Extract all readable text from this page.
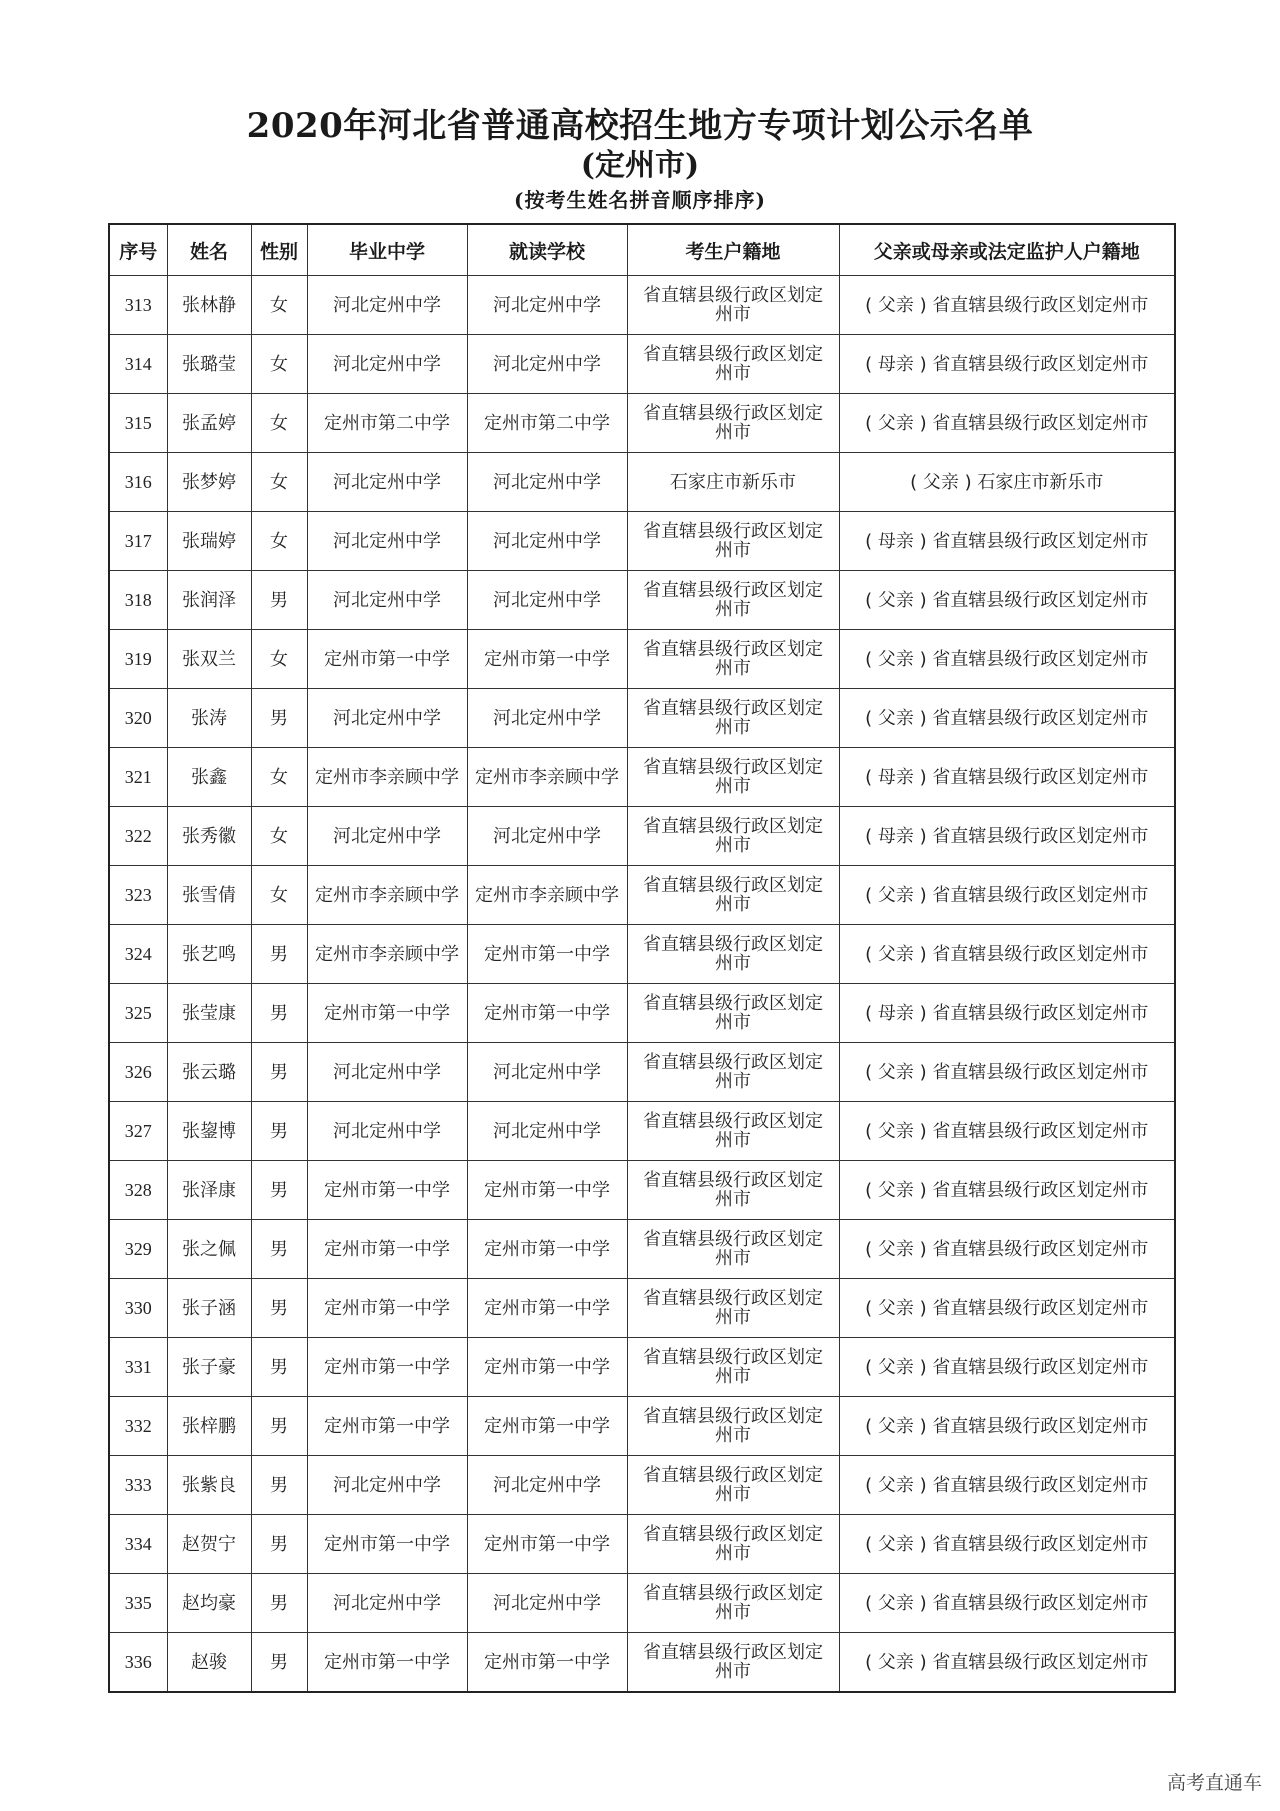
2020年河北省普通高校招生地方专项计划公示名单
(定州市)
(按考生姓名拼音顺序排序)
序号	姓名	性别	毕业中学	就读学校	考生户籍地	父亲或母亲或法定监护人户籍地
313	张林静	女	河北定州中学	河北定州中学	省直辖县级行政区划定州市	( 父亲 ) 省直辖县级行政区划定州市
314	张璐莹	女	河北定州中学	河北定州中学	省直辖县级行政区划定州市	( 母亲 ) 省直辖县级行政区划定州市
315	张孟婷	女	定州市第二中学	定州市第二中学	省直辖县级行政区划定州市	( 父亲 ) 省直辖县级行政区划定州市
316	张梦婷	女	河北定州中学	河北定州中学	石家庄市新乐市	( 父亲 ) 石家庄市新乐市
317	张瑞婷	女	河北定州中学	河北定州中学	省直辖县级行政区划定州市	( 母亲 ) 省直辖县级行政区划定州市
318	张润泽	男	河北定州中学	河北定州中学	省直辖县级行政区划定州市	( 父亲 ) 省直辖县级行政区划定州市
319	张双兰	女	定州市第一中学	定州市第一中学	省直辖县级行政区划定州市	( 父亲 ) 省直辖县级行政区划定州市
320	张涛	男	河北定州中学	河北定州中学	省直辖县级行政区划定州市	( 父亲 ) 省直辖县级行政区划定州市
321	张鑫	女	定州市李亲顾中学	定州市李亲顾中学	省直辖县级行政区划定州市	( 母亲 ) 省直辖县级行政区划定州市
322	张秀徽	女	河北定州中学	河北定州中学	省直辖县级行政区划定州市	( 母亲 ) 省直辖县级行政区划定州市
323	张雪倩	女	定州市李亲顾中学	定州市李亲顾中学	省直辖县级行政区划定州市	( 父亲 ) 省直辖县级行政区划定州市
324	张艺鸣	男	定州市李亲顾中学	定州市第一中学	省直辖县级行政区划定州市	( 父亲 ) 省直辖县级行政区划定州市
325	张莹康	男	定州市第一中学	定州市第一中学	省直辖县级行政区划定州市	( 母亲 ) 省直辖县级行政区划定州市
326	张云璐	男	河北定州中学	河北定州中学	省直辖县级行政区划定州市	( 父亲 ) 省直辖县级行政区划定州市
327	张鋆博	男	河北定州中学	河北定州中学	省直辖县级行政区划定州市	( 父亲 ) 省直辖县级行政区划定州市
328	张泽康	男	定州市第一中学	定州市第一中学	省直辖县级行政区划定州市	( 父亲 ) 省直辖县级行政区划定州市
329	张之佩	男	定州市第一中学	定州市第一中学	省直辖县级行政区划定州市	( 父亲 ) 省直辖县级行政区划定州市
330	张子涵	男	定州市第一中学	定州市第一中学	省直辖县级行政区划定州市	( 父亲 ) 省直辖县级行政区划定州市
331	张子豪	男	定州市第一中学	定州市第一中学	省直辖县级行政区划定州市	( 父亲 ) 省直辖县级行政区划定州市
332	张梓鹏	男	定州市第一中学	定州市第一中学	省直辖县级行政区划定州市	( 父亲 ) 省直辖县级行政区划定州市
333	张紫良	男	河北定州中学	河北定州中学	省直辖县级行政区划定州市	( 父亲 ) 省直辖县级行政区划定州市
334	赵贺宁	男	定州市第一中学	定州市第一中学	省直辖县级行政区划定州市	( 父亲 ) 省直辖县级行政区划定州市
335	赵均豪	男	河北定州中学	河北定州中学	省直辖县级行政区划定州市	( 父亲 ) 省直辖县级行政区划定州市
336	赵骏	男	定州市第一中学	定州市第一中学	省直辖县级行政区划定州市	( 父亲 ) 省直辖县级行政区划定州市
高考直通车
